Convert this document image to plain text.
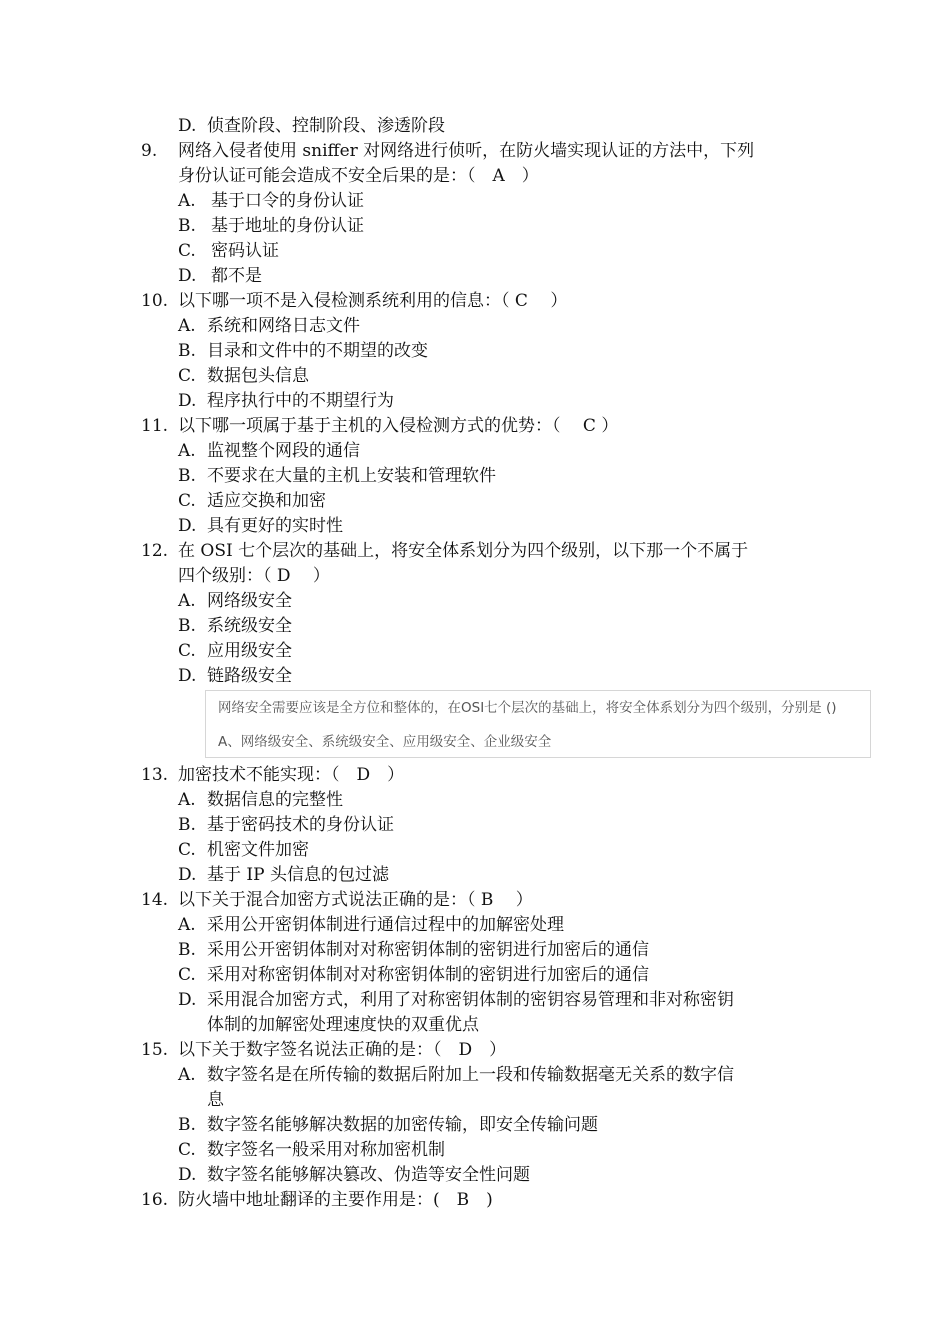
D. 侦查阶段、控制阶段、渗透阶段
9.	网络入侵者使用 sniffer 对网络进行侦听，在防火墙实现认证的方法中，下列
身份认证可能会造成不安全后果的是：（　A　）
A. 基于口令的身份认证
B. 基于地址的身份认证
C. 密码认证
D. 都不是
10. 以下哪一项不是入侵检测系统利用的信息：（ C　 ）
A. 系统和网络日志文件
B. 目录和文件中的不期望的改变
C. 数据包头信息
D. 程序执行中的不期望行为
11. 以下哪一项属于基于主机的入侵检测方式的优势：（　 C ）
A. 监视整个网段的通信
B. 不要求在大量的主机上安装和管理软件
C. 适应交换和加密
D. 具有更好的实时性
12. 在 OSI 七个层次的基础上，将安全体系划分为四个级别，以下那一个不属于
四个级别：（ D　 ）
A. 网络级安全
B. 系统级安全
C. 应用级安全
D. 链路级安全
网络安全需要应该是全方位和整体的，在OSI七个层次的基础上，将安全体系划分为四个级别，分别是 ()
A、网络级安全、系统级安全、应用级安全、企业级安全
13. 加密技术不能实现：（　D　）
A. 数据信息的完整性
B. 基于密码技术的身份认证
C. 机密文件加密
D. 基于 IP 头信息的包过滤
14. 以下关于混合加密方式说法正确的是：（ B　 ）
A. 采用公开密钥体制进行通信过程中的加解密处理
B. 采用公开密钥体制对对称密钥体制的密钥进行加密后的通信
C. 采用对称密钥体制对对称密钥体制的密钥进行加密后的通信
D. 采用混合加密方式，利用了对称密钥体制的密钥容易管理和非对称密钥
体制的加解密处理速度快的双重优点
15. 以下关于数字签名说法正确的是：（　D　）
A. 数字签名是在所传输的数据后附加上一段和传输数据毫无关系的数字信
息
B. 数字签名能够解决数据的加密传输，即安全传输问题
C. 数字签名一般采用对称加密机制
D. 数字签名能够解决篡改、伪造等安全性问题
16. 防火墙中地址翻译的主要作用是：(　B　)
